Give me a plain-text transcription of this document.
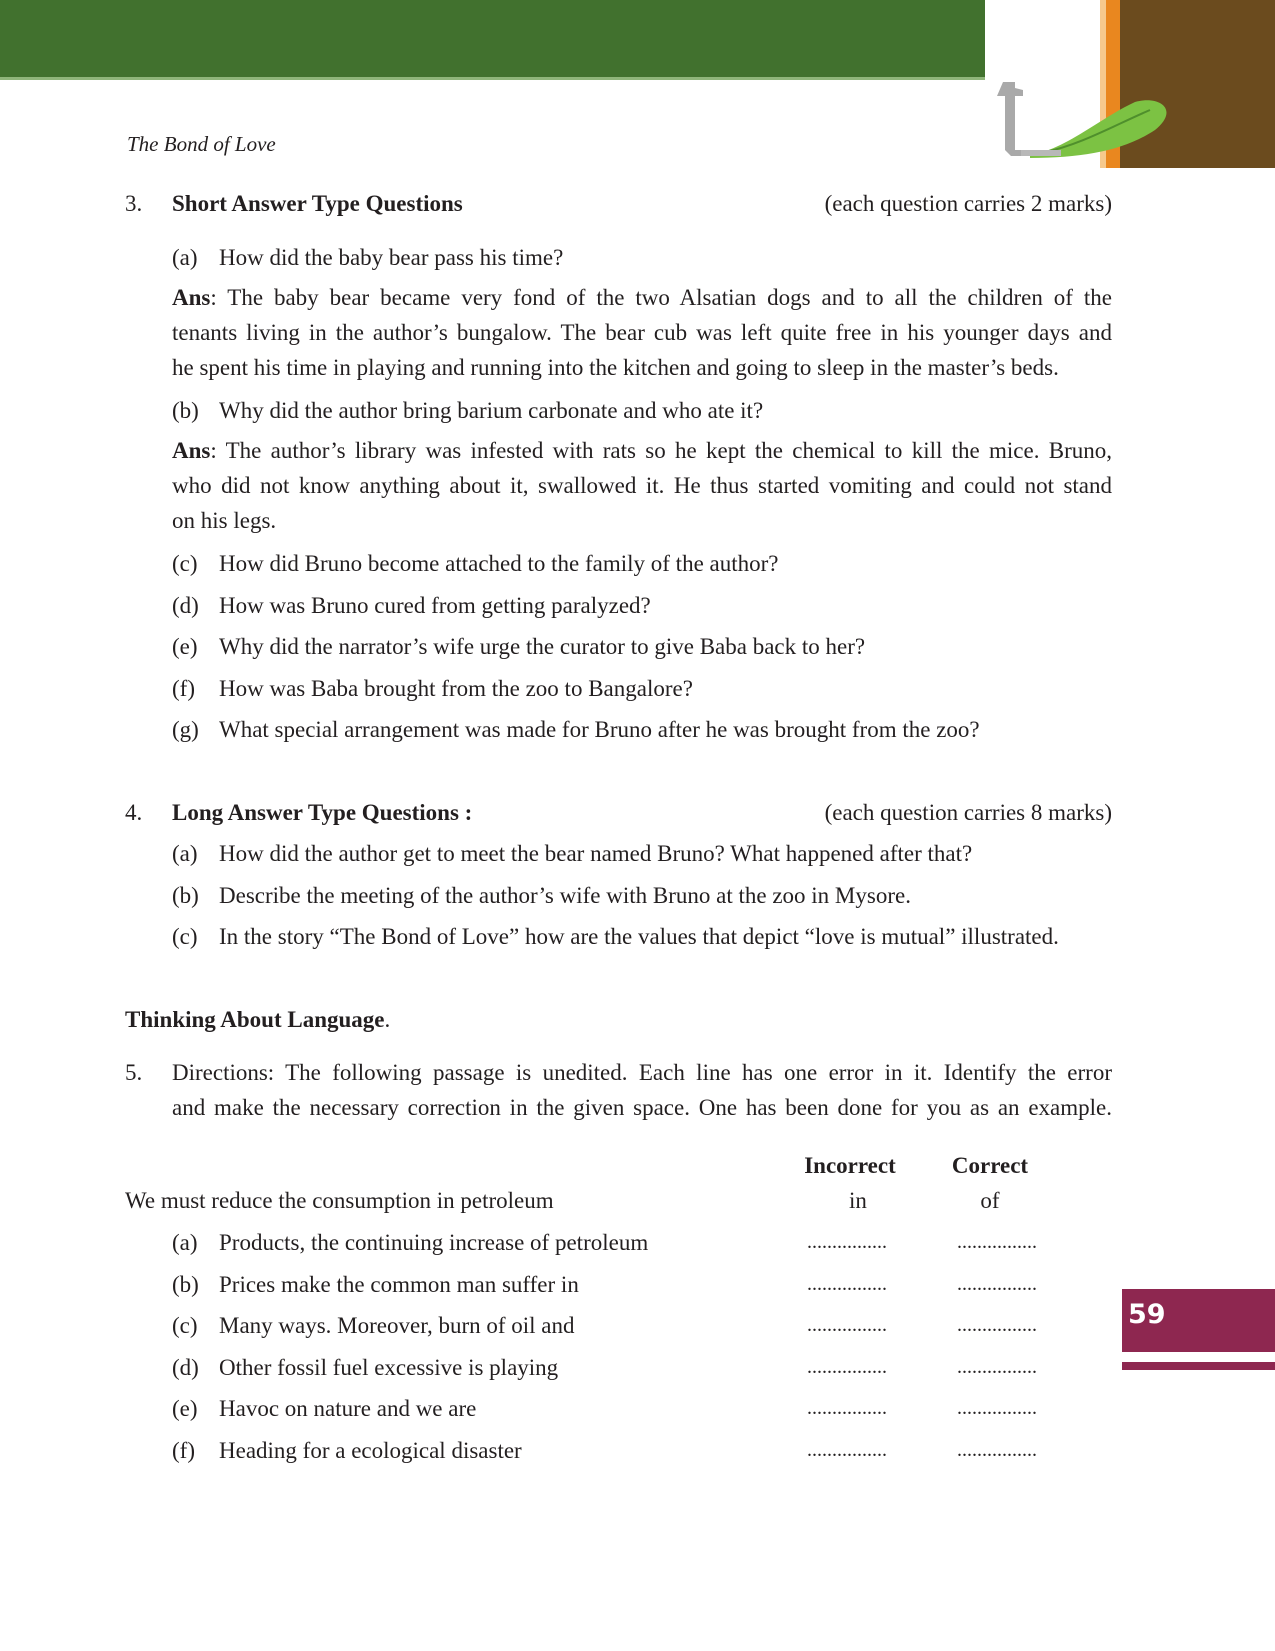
The Bond of Love
3. Short Answer Type Questions	(each question carries 2 marks)
(a) How did the baby bear pass his time?
Ans: The baby bear became very fond of the two Alsatian dogs and to all the children of the
tenants living in the author’s bungalow. The bear cub was left quite free in his younger days and
he spent his time in playing and running into the kitchen and going to sleep in the master’s beds.
(b) Why did the author bring barium carbonate and who ate it?
Ans: The author’s library was infested with rats so he kept the chemical to kill the mice. Bruno,
who did not know anything about it, swallowed it. He thus started vomiting and could not stand
on his legs.
(c) How did Bruno become attached to the family of the author?
(d) How was Bruno cured from getting paralyzed?
(e) Why did the narrator’s wife urge the curator to give Baba back to her?
(f) How was Baba brought from the zoo to Bangalore?
(g) What special arrangement was made for Bruno after he was brought from the zoo?
4. Long Answer Type Questions :	(each question carries 8 marks)
(a) How did the author get to meet the bear named Bruno? What happened after that?
(b) Describe the meeting of the author’s wife with Bruno at the zoo in Mysore.
(c) In the story “The Bond of Love” how are the values that depict “love is mutual” illustrated.
Thinking About Language.
5. Directions: The following passage is unedited. Each line has one error in it. Identify the error
and make the necessary correction in the given space. One has been done for you as an example.
Incorrect	Correct
We must reduce the consumption in petroleum	in	of
(a) Products, the continuing increase of petroleum	................	................
(b) Prices make the common man suffer in	................	................
(c) Many ways. Moreover, burn of oil and	................	................
(d) Other fossil fuel excessive is playing	................	................
(e) Havoc on nature and we are	................	................
(f) Heading for a ecological disaster	................	................
59
